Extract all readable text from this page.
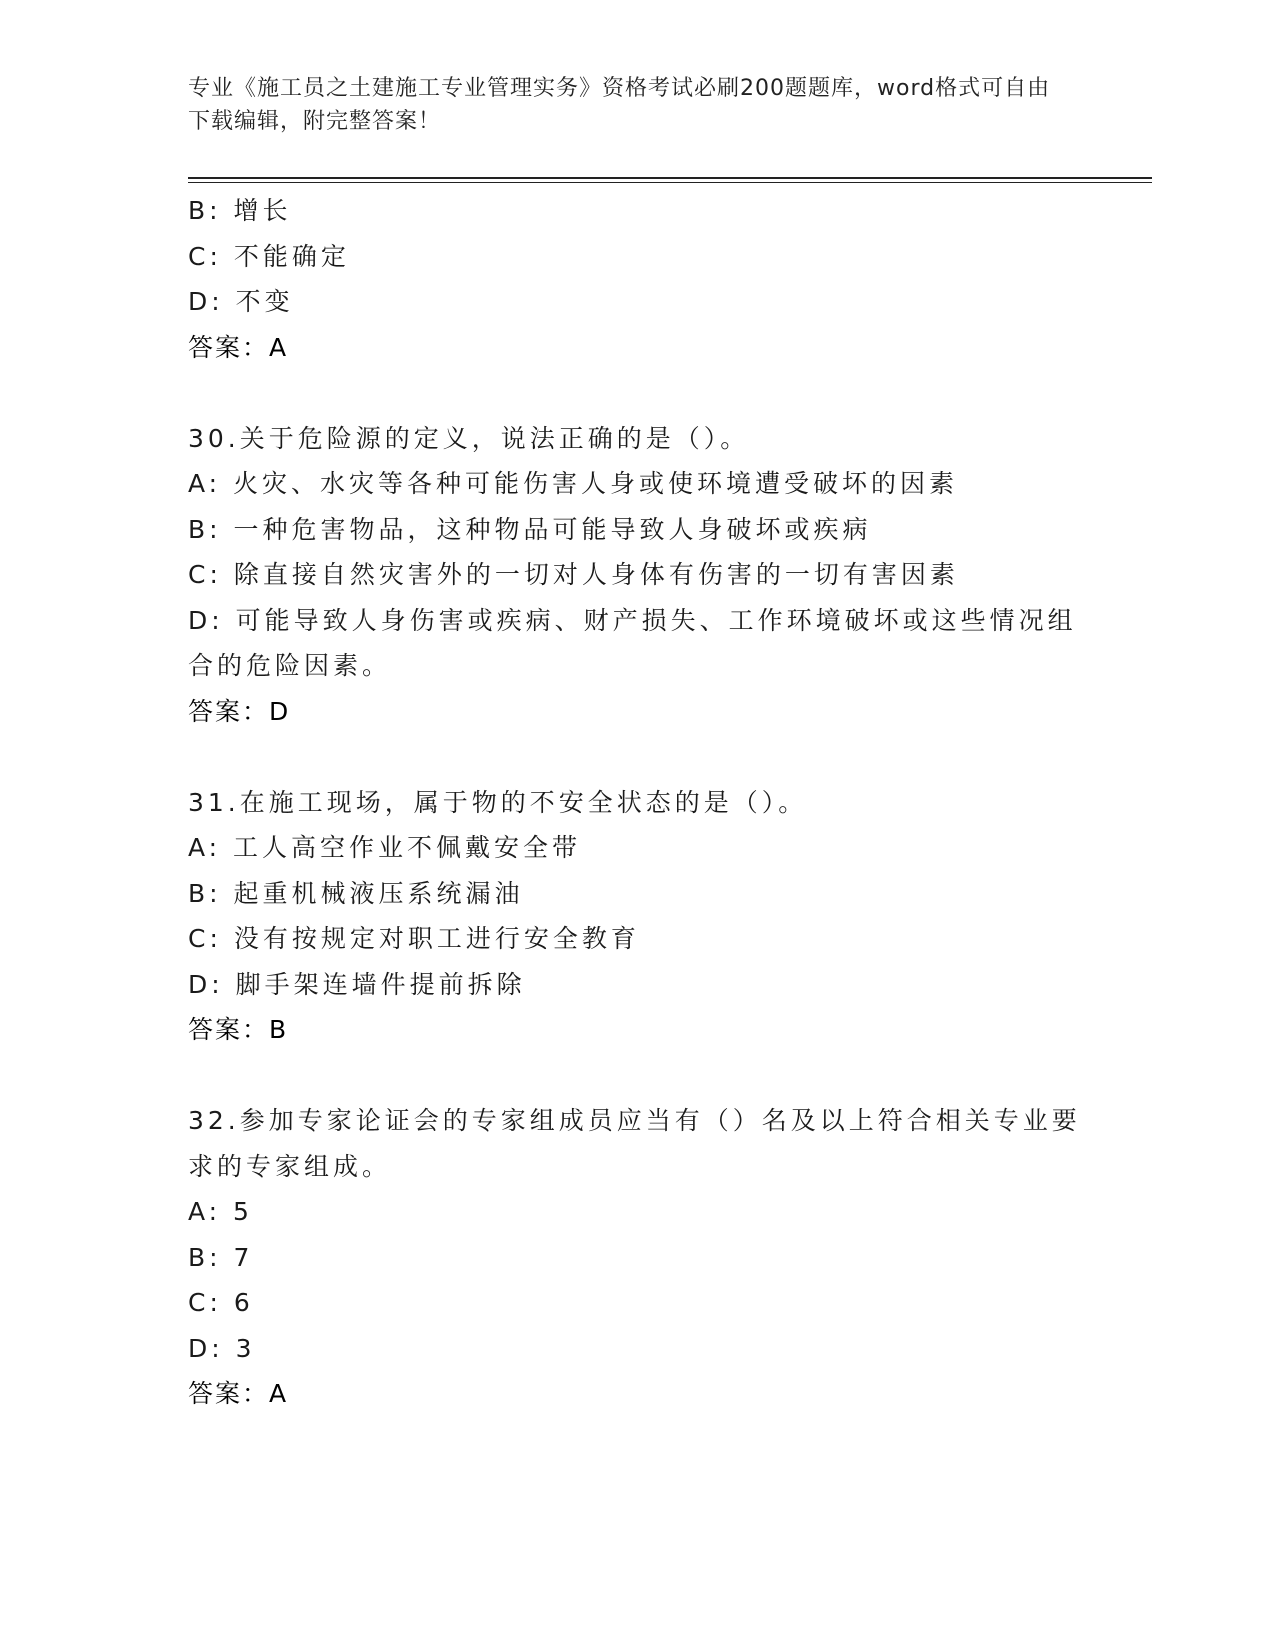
专业《施工员之土建施工专业管理实务》资格考试必刷200题题库，word格式可自由下载编辑，附完整答案！
B: 增长
C: 不能确定
D: 不变
答案：A
30.关于危险源的定义，说法正确的是（）。
A: 火灾、水灾等各种可能伤害人身或使环境遭受破坏的因素
B: 一种危害物品，这种物品可能导致人身破坏或疾病
C: 除直接自然灾害外的一切对人身体有伤害的一切有害因素
D: 可能导致人身伤害或疾病、财产损失、工作环境破坏或这些情况组合的危险因素。
答案：D
31.在施工现场，属于物的不安全状态的是（）。
A: 工人高空作业不佩戴安全带
B: 起重机械液压系统漏油
C: 没有按规定对职工进行安全教育
D: 脚手架连墙件提前拆除
答案：B
32.参加专家论证会的专家组成员应当有（）名及以上符合相关专业要求的专家组成。
A: 5
B: 7
C: 6
D: 3
答案：A
